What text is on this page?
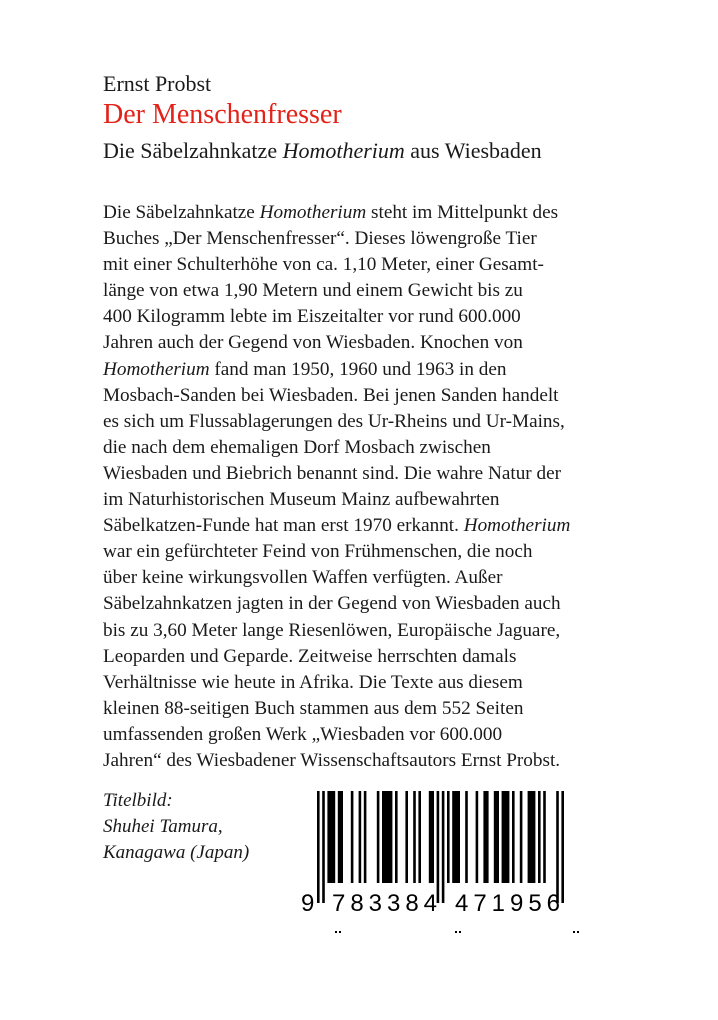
Ernst Probst

Der Menschenfresser

Die Säbelzahnkatze Homotherium aus Wiesbaden

Die Säbelzahnkatze Homotherium steht im Mittelpunkt des

Buches „Der Menschenfresser“. Dieses löwengroße Tier

mit einer Schulterhöhe von ca. 1,10 Meter, einer Gesamt-

länge von etwa 1,90 Metern und einem Gewicht bis zu

400 Kilogramm lebte im Eiszeitalter vor rund 600.000

Jahren auch der Gegend von Wiesbaden. Knochen von

Homotherium fand man 1950, 1960 und 1963 in den

Mosbach-Sanden bei Wiesbaden. Bei jenen Sanden handelt

es sich um Flussablagerungen des Ur-Rheins und Ur-Mains,

die nach dem ehemaligen Dorf Mosbach zwischen

Wiesbaden und Biebrich benannt sind. Die wahre Natur der

im Naturhistorischen Museum Mainz aufbewahrten

Säbelkatzen-Funde hat man erst 1970 erkannt. Homotherium

war ein gefürchteter Feind von Frühmenschen, die noch

über keine wirkungsvollen Waffen verfügten. Außer

Säbelzahnkatzen jagten in der Gegend von Wiesbaden auch

bis zu 3,60 Meter lange Riesenlöwen, Europäische Jaguare,

Leoparden und Geparde. Zeitweise herrschten damals

Verhältnisse wie heute in Afrika. Die Texte aus diesem

kleinen 88-seitigen Buch stammen aus dem 552 Seiten

umfassenden großen Werk „Wiesbaden vor 600.000

Jahren“ des Wiesbadener Wissenschaftsautors Ernst Probst.

Titelbild:

Shuhei Tamura,

Kanagawa (Japan)

9 783384 471956
